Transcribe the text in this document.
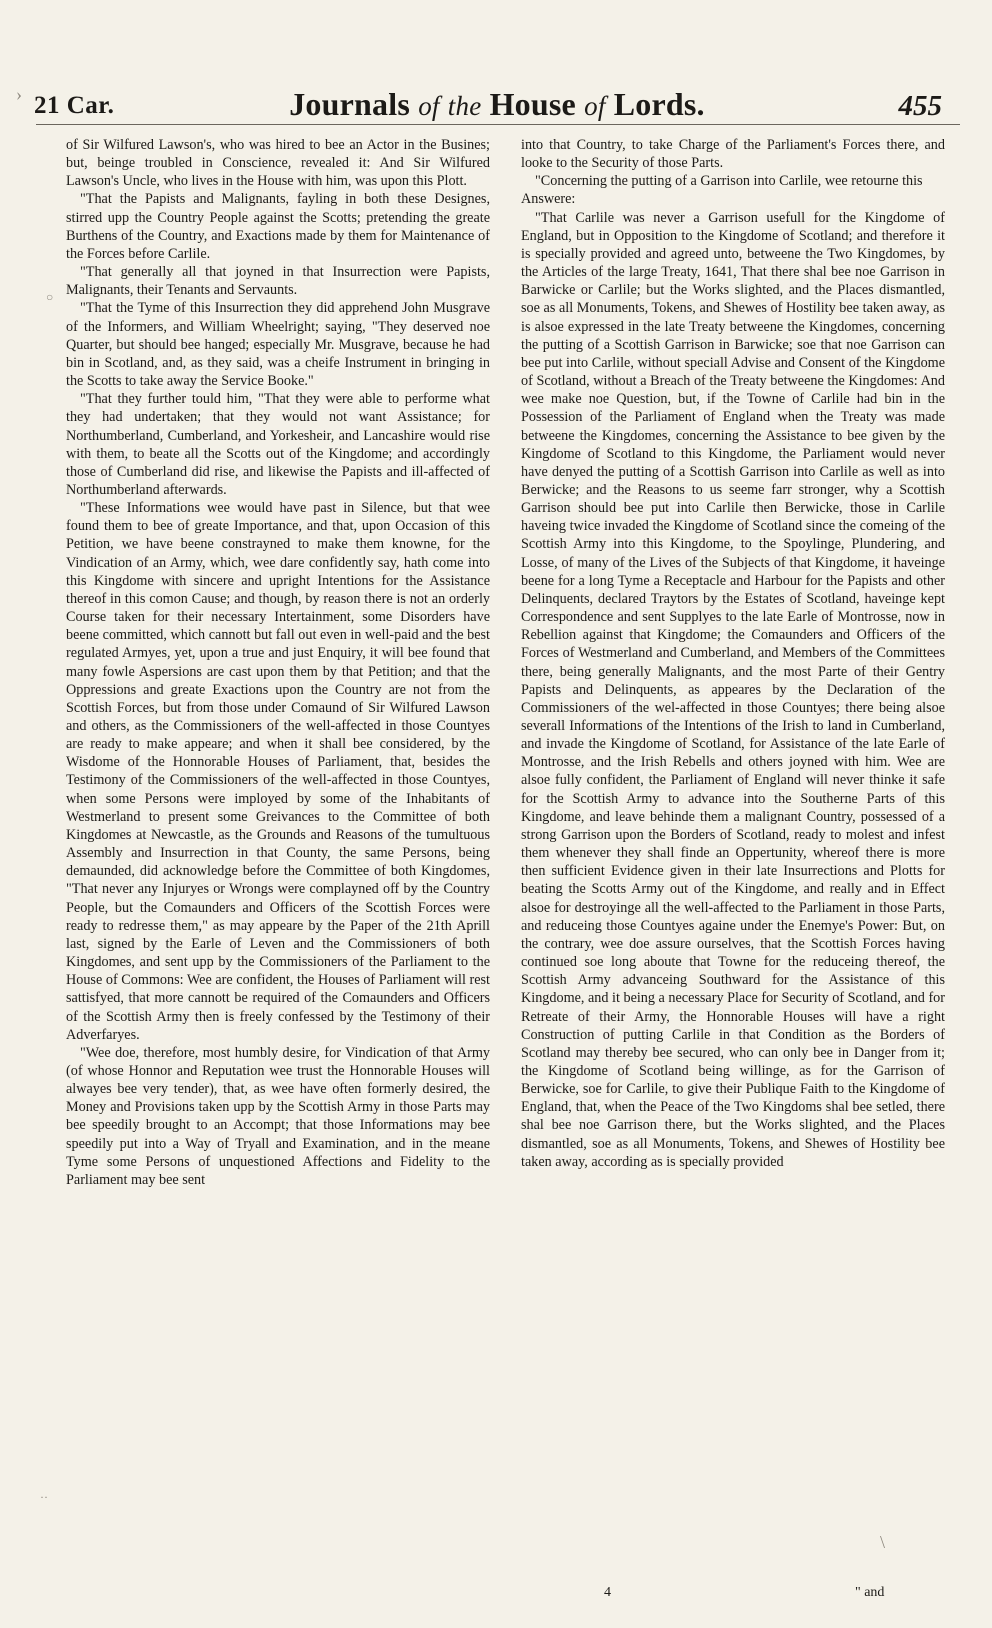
21 Car.	Journals of the House of Lords.	455

of Sir Wilfured Lawson's, who was hired to bee an Actor in the Busines; but, beinge troubled in Conscience, revealed it: And Sir Wilfured Lawson's Uncle, who lives in the House with him, was upon this Plott.

"That the Papists and Malignants, fayling in both these Designes, stirred upp the Country People against the Scotts; pretending the greate Burthens of the Country, and Exactions made by them for Maintenance of the Forces before Carlile.

"That generally all that joyned in that Insurrection were Papists, Malignants, their Tenants and Servaunts.

"That the Tyme of this Insurrection they did apprehend John Musgrave of the Informers, and William Wheelright; saying, "They deserved noe Quarter, but should bee hanged; especially Mr. Musgrave, because he had bin in Scotland, and, as they said, was a cheife Instrument in bringing in the Scotts to take away the Service Booke."

"That they further tould him, "That they were able to performe what they had undertaken; that they would not want Assistance; for Northumberland, Cumberland, and Yorkesheir, and Lancashire would rise with them, to beate all the Scotts out of the Kingdome; and accordingly those of Cumberland did rise, and likewise the Papists and ill-affected of Northumberland afterwards.

"These Informations wee would have past in Silence, but that wee found them to bee of greate Importance, and that, upon Occasion of this Petition, we have beene constrayned to make them knowne, for the Vindication of an Army, which, wee dare confidently say, hath come into this Kingdome with sincere and upright Intentions for the Assistance thereof in this comon Cause; and though, by reason there is not an orderly Course taken for their necessary Intertainment, some Disorders have beene committed, which cannott but fall out even in well-paid and the best regulated Armyes, yet, upon a true and just Enquiry, it will bee found that many fowle Aspersions are cast upon them by that Petition; and that the Oppressions and greate Exactions upon the Country are not from the Scottish Forces, but from those under Comaund of Sir Wilfured Lawson and others, as the Commissioners of the well-affected in those Countyes are ready to make appeare; and when it shall bee considered, by the Wisdome of the Honnorable Houses of Parliament, that, besides the Testimony of the Commissioners of the well-affected in those Countyes, when some Persons were imployed by some of the Inhabitants of Westmerland to present some Greivances to the Committee of both Kingdomes at Newcastle, as the Grounds and Reasons of the tumultuous Assembly and Insurrection in that County, the same Persons, being demaunded, did acknowledge before the Committee of both Kingdomes, "That never any Injuryes or Wrongs were complayned off by the Country People, but the Comaunders and Officers of the Scottish Forces were ready to redresse them," as may appeare by the Paper of the 21th Aprill last, signed by the Earle of Leven and the Commissioners of both Kingdomes, and sent upp by the Commissioners of the Parliament to the House of Commons: Wee are confident, the Houses of Parliament will rest sattisfyed, that more cannott be required of the Comaunders and Officers of the Scottish Army then is freely confessed by the Testimony of their Adverfaryes.

"Wee doe, therefore, most humbly desire, for Vindication of that Army (of whose Honnor and Reputation wee trust the Honnorable Houses will alwayes bee very tender), that, as wee have often formerly desired, the Money and Provisions taken upp by the Scottish Army in those Parts may bee speedily brought to an Accompt; that those Informations may bee speedily put into a Way of Tryall and Examination, and in the meane Tyme some Persons of unquestioned Affections and Fidelity to the Parliament may bee sent

into that Country, to take Charge of the Parliament's Forces there, and looke to the Security of those Parts.

"Concerning the putting of a Garrison into Carlile, wee retourne this Answere:

"That Carlile was never a Garrison usefull for the Kingdome of England, but in Opposition to the Kingdome of Scotland; and therefore it is specially provided and agreed unto, betweene the Two Kingdomes, by the Articles of the large Treaty, 1641, That there shal bee noe Garrison in Barwicke or Carlile; but the Works slighted, and the Places dismantled, soe as all Monuments, Tokens, and Shewes of Hostility bee taken away, as is alsoe expressed in the late Treaty betweene the Kingdomes, concerning the putting of a Scottish Garrison in Barwicke; soe that noe Garrison can bee put into Carlile, without speciall Advise and Consent of the Kingdome of Scotland, without a Breach of the Treaty betweene the Kingdomes: And wee make noe Question, but, if the Towne of Carlile had bin in the Possession of the Parliament of England when the Treaty was made betweene the Kingdomes, concerning the Assistance to bee given by the Kingdome of Scotland to this Kingdome, the Parliament would never have denyed the putting of a Scottish Garrison into Carlile as well as into Berwicke; and the Reasons to us seeme farr stronger, why a Scottish Garrison should bee put into Carlile then Berwicke, those in Carlile haveing twice invaded the Kingdome of Scotland since the comeing of the Scottish Army into this Kingdome, to the Spoylinge, Plundering, and Losse, of many of the Lives of the Subjects of that Kingdome, it haveinge beene for a long Tyme a Receptacle and Harbour for the Papists and other Delinquents, declared Traytors by the Estates of Scotland, haveinge kept Correspondence and sent Supplyes to the late Earle of Montrosse, now in Rebellion against that Kingdome; the Comaunders and Officers of the Forces of Westmerland and Cumberland, and Members of the Committees there, being generally Malignants, and the most Parte of their Gentry Papists and Delinquents, as appeares by the Declaration of the Commissioners of the wel-affected in those Countyes; there being alsoe severall Informations of the Intentions of the Irish to land in Cumberland, and invade the Kingdome of Scotland, for Assistance of the late Earle of Montrosse, and the Irish Rebells and others joyned with him. Wee are alsoe fully confident, the Parliament of England will never thinke it safe for the Scottish Army to advance into the Southerne Parts of this Kingdome, and leave behinde them a malignant Country, possessed of a strong Garrison upon the Borders of Scotland, ready to molest and infest them whenever they shall finde an Oppertunity, whereof there is more then sufficient Evidence given in their late Insurrections and Plotts for beating the Scotts Army out of the Kingdome, and really and in Effect alsoe for destroyinge all the well-affected to the Parliament in those Parts, and reduceing those Countyes againe under the Enemye's Power: But, on the contrary, wee doe assure ourselves, that the Scottish Forces having continued soe long aboute that Towne for the reduceing thereof, the Scottish Army advanceing Southward for the Assistance of this Kingdome, and it being a necessary Place for Security of Scotland, and for Retreate of their Army, the Honnorable Houses will have a right Construction of putting Carlile in that Condition as the Borders of Scotland may thereby bee secured, who can only bee in Danger from it; the Kingdome of Scotland being willinge, as for the Garrison of Berwicke, soe for Carlile, to give their Publique Faith to the Kingdome of England, that, when the Peace of the Two Kingdoms shal bee setled, there shal bee noe Garrison there, but the Works slighted, and the Places dismantled, soe as all Monuments, Tokens, and Shewes of Hostility bee taken away, according as is specially provided

4	" and
›
○
··
\
